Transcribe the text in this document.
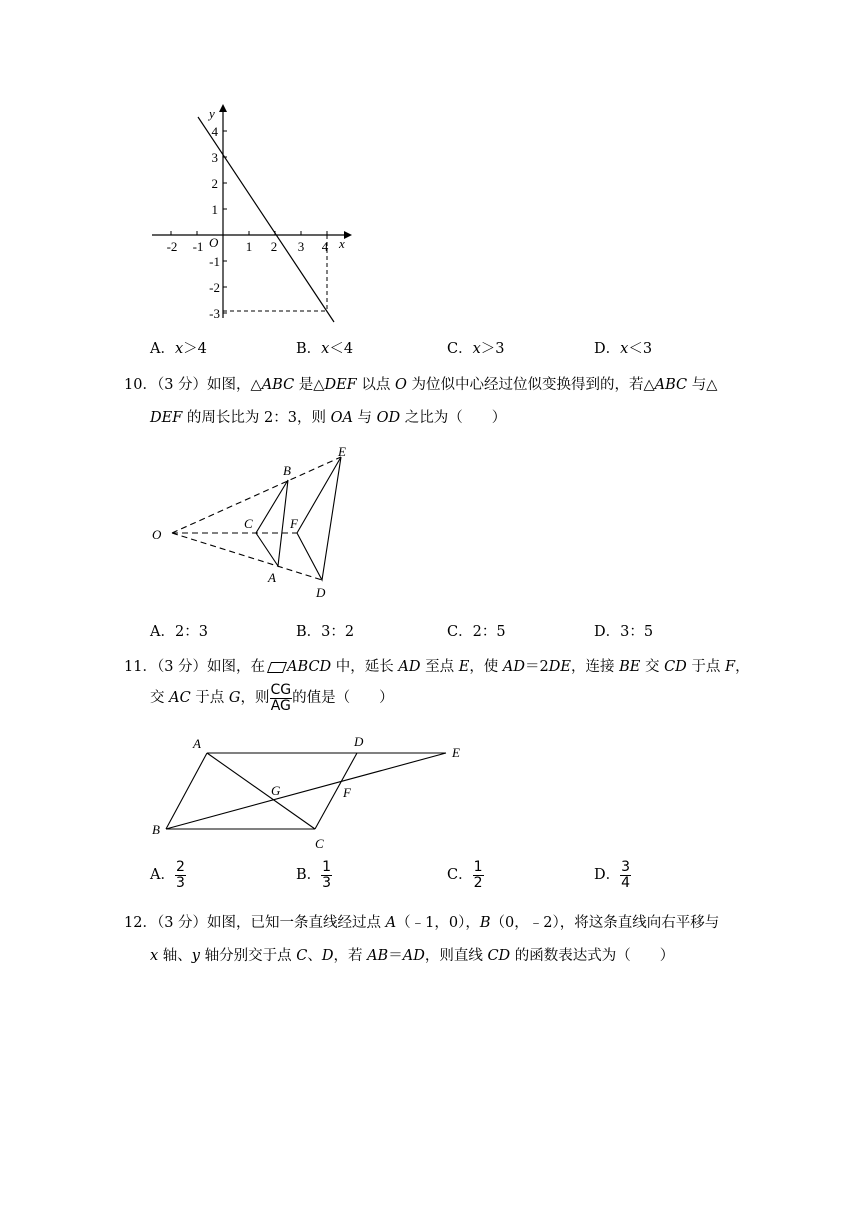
y
x
O
-2 -1	1 2 3 4
4
3
2
1
-1
-2
-3
A．x＞4	B．x＜4	C．x＞3	D．x＜3
10．（3 分）如图，△ABC 是△DEF 以点 O 为位似中心经过位似变换得到的，若△ABC 与△
DEF 的周长比为 2：3，则 OA 与 OD 之比为（　　）
O
B
E
C	F
A
D
A．2：3	B．3：2	C．2：5	D．3：5
11．（3 分）如图，在 ABCD 中，延长 AD 至点 E，使 AD＝2DE，连接 BE 交 CD 于点 F，
交 AC 于点 G，则 $\frac{CG}{AG}$ 的值是（　　）
A	D
E
G	F
B
C
A． $\frac{2}{3}$	B． $\frac{1}{3}$	C． $\frac{1}{2}$	D． $\frac{3}{4}$
12．（3 分）如图，已知一条直线经过点 A（﹣1，0），B（0，﹣2），将这条直线向右平移与
x 轴、y 轴分别交于点 C、D，若 AB＝AD，则直线 CD 的函数表达式为（　　）
